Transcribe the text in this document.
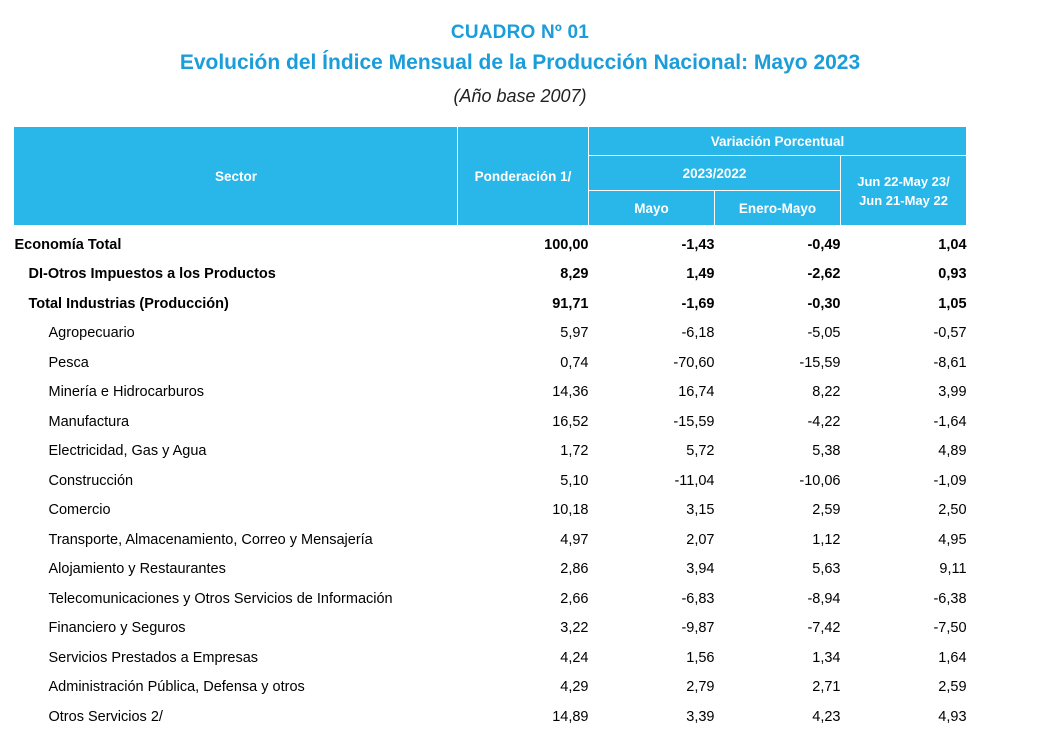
CUADRO Nº 01
Evolución del Índice Mensual de la Producción Nacional: Mayo 2023
(Año base 2007)
Sector	Ponderación 1/	Variación Porcentual		
		2023/2022		Jun 22-May 23/
Jun 21-May 22
		Mayo	Enero-Mayo	
Economía Total	100,00	-1,43	-0,49	1,04
DI-Otros Impuestos a los Productos	8,29	1,49	-2,62	0,93
Total Industrias (Producción)	91,71	-1,69	-0,30	1,05
Agropecuario	5,97	-6,18	-5,05	-0,57
Pesca	0,74	-70,60	-15,59	-8,61
Minería e Hidrocarburos	14,36	16,74	8,22	3,99
Manufactura	16,52	-15,59	-4,22	-1,64
Electricidad, Gas y Agua	1,72	5,72	5,38	4,89
Construcción	5,10	-11,04	-10,06	-1,09
Comercio	10,18	3,15	2,59	2,50
Transporte, Almacenamiento, Correo y Mensajería	4,97	2,07	1,12	4,95
Alojamiento y Restaurantes	2,86	3,94	5,63	9,11
Telecomunicaciones y Otros Servicios de Información	2,66	-6,83	-8,94	-6,38
Financiero y Seguros	3,22	-9,87	-7,42	-7,50
Servicios Prestados a Empresas	4,24	1,56	1,34	1,64
Administración Pública, Defensa y otros	4,29	2,79	2,71	2,59
Otros Servicios 2/	14,89	3,39	4,23	4,93
